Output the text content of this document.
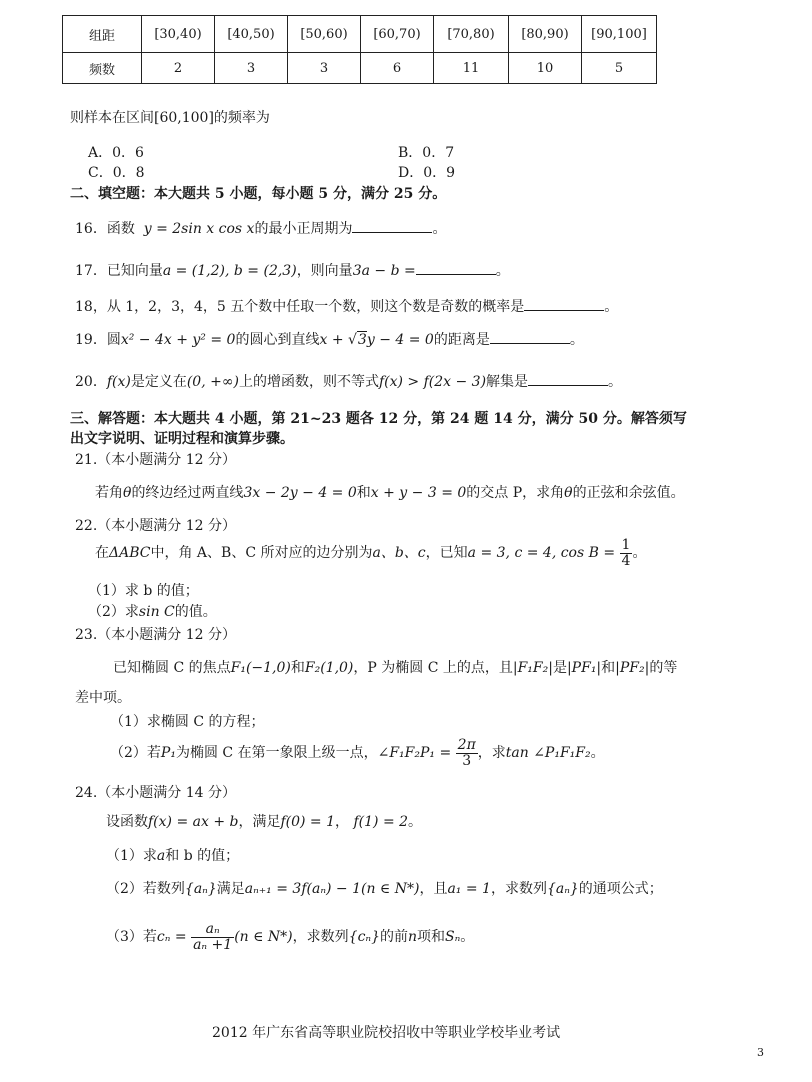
组距	[30,40)	[40,50)	[50,60)	[60,70)	[70,80)	[80,90)	[90,100]
频数	2	3	3	6	11	10	5
则样本在区间[60,100]的频率为
A．0．6	B．0．7
C．0．8	D．0．9
二、填空题：本大题共 5 小题，每小题 5 分，满分 25 分。
16．函数 y = 2sin x cos x的最小正周期为	。
17．已知向量a = (1,2), b = (2,3)，则向量3a − b =	。
18，从 1，2，3，4，5 五个数中任取一个数，则这个数是奇数的概率是	。
19．圆x² − 4x + y² = 0的圆心到直线x + √3y − 4 = 0的距离是	。
20．f(x)是定义在(0, +∞)上的增函数，则不等式f(x) > f(2x − 3)解集是	。
三、解答题：本大题共 4 小题，第 21~23 题各 12 分，第 24 题 14 分，满分 50 分。解答须写
出文字说明、证明过程和演算步骤。
21.（本小题满分 12 分）
若角θ的终边经过两直线3x − 2y − 4 = 0和x + y − 3 = 0的交点 P，求角θ的正弦和余弦值。
22.（本小题满分 12 分）
在ΔABC中，角 A、B、C 所对应的边分别为a、b、c，已知a = 3, c = 4, $\cos B = \frac{1}{4}$ 。
（1）求 b 的值；
（2）求sin C的值。
23.（本小题满分 12 分）
已知椭圆 C 的焦点F₁(−1,0)和F₂(1,0)，P 为椭圆 C 上的点，且|F₁F₂|是|PF₁|和|PF₂|的等
差中项。
（1）求椭圆 C 的方程；
（2）若P₁为椭圆 C 在第一象限上级一点，∠F₁F₂P₁ = $\frac{2\pi}{3}$ ，求tan ∠P₁F₁F₂。
24.（本小题满分 14 分）
设函数f(x) = ax + b，满足f(0) = 1， f(1) = 2。
（1）求a和 b 的值；
（2）若数列{aₙ}满足aₙ₊₁ = 3f(aₙ) − 1(n ∈ N*)，且a₁ = 1，求数列{aₙ}的通项公式；
（3）若$c_n = \frac{\text{aₙ}}{\text{aₙ +1}} (n$ ∈ N*)，求数列{cₙ}的前n项和Sₙ。
2012 年广东省高等职业院校招收中等职业学校毕业考试
3
